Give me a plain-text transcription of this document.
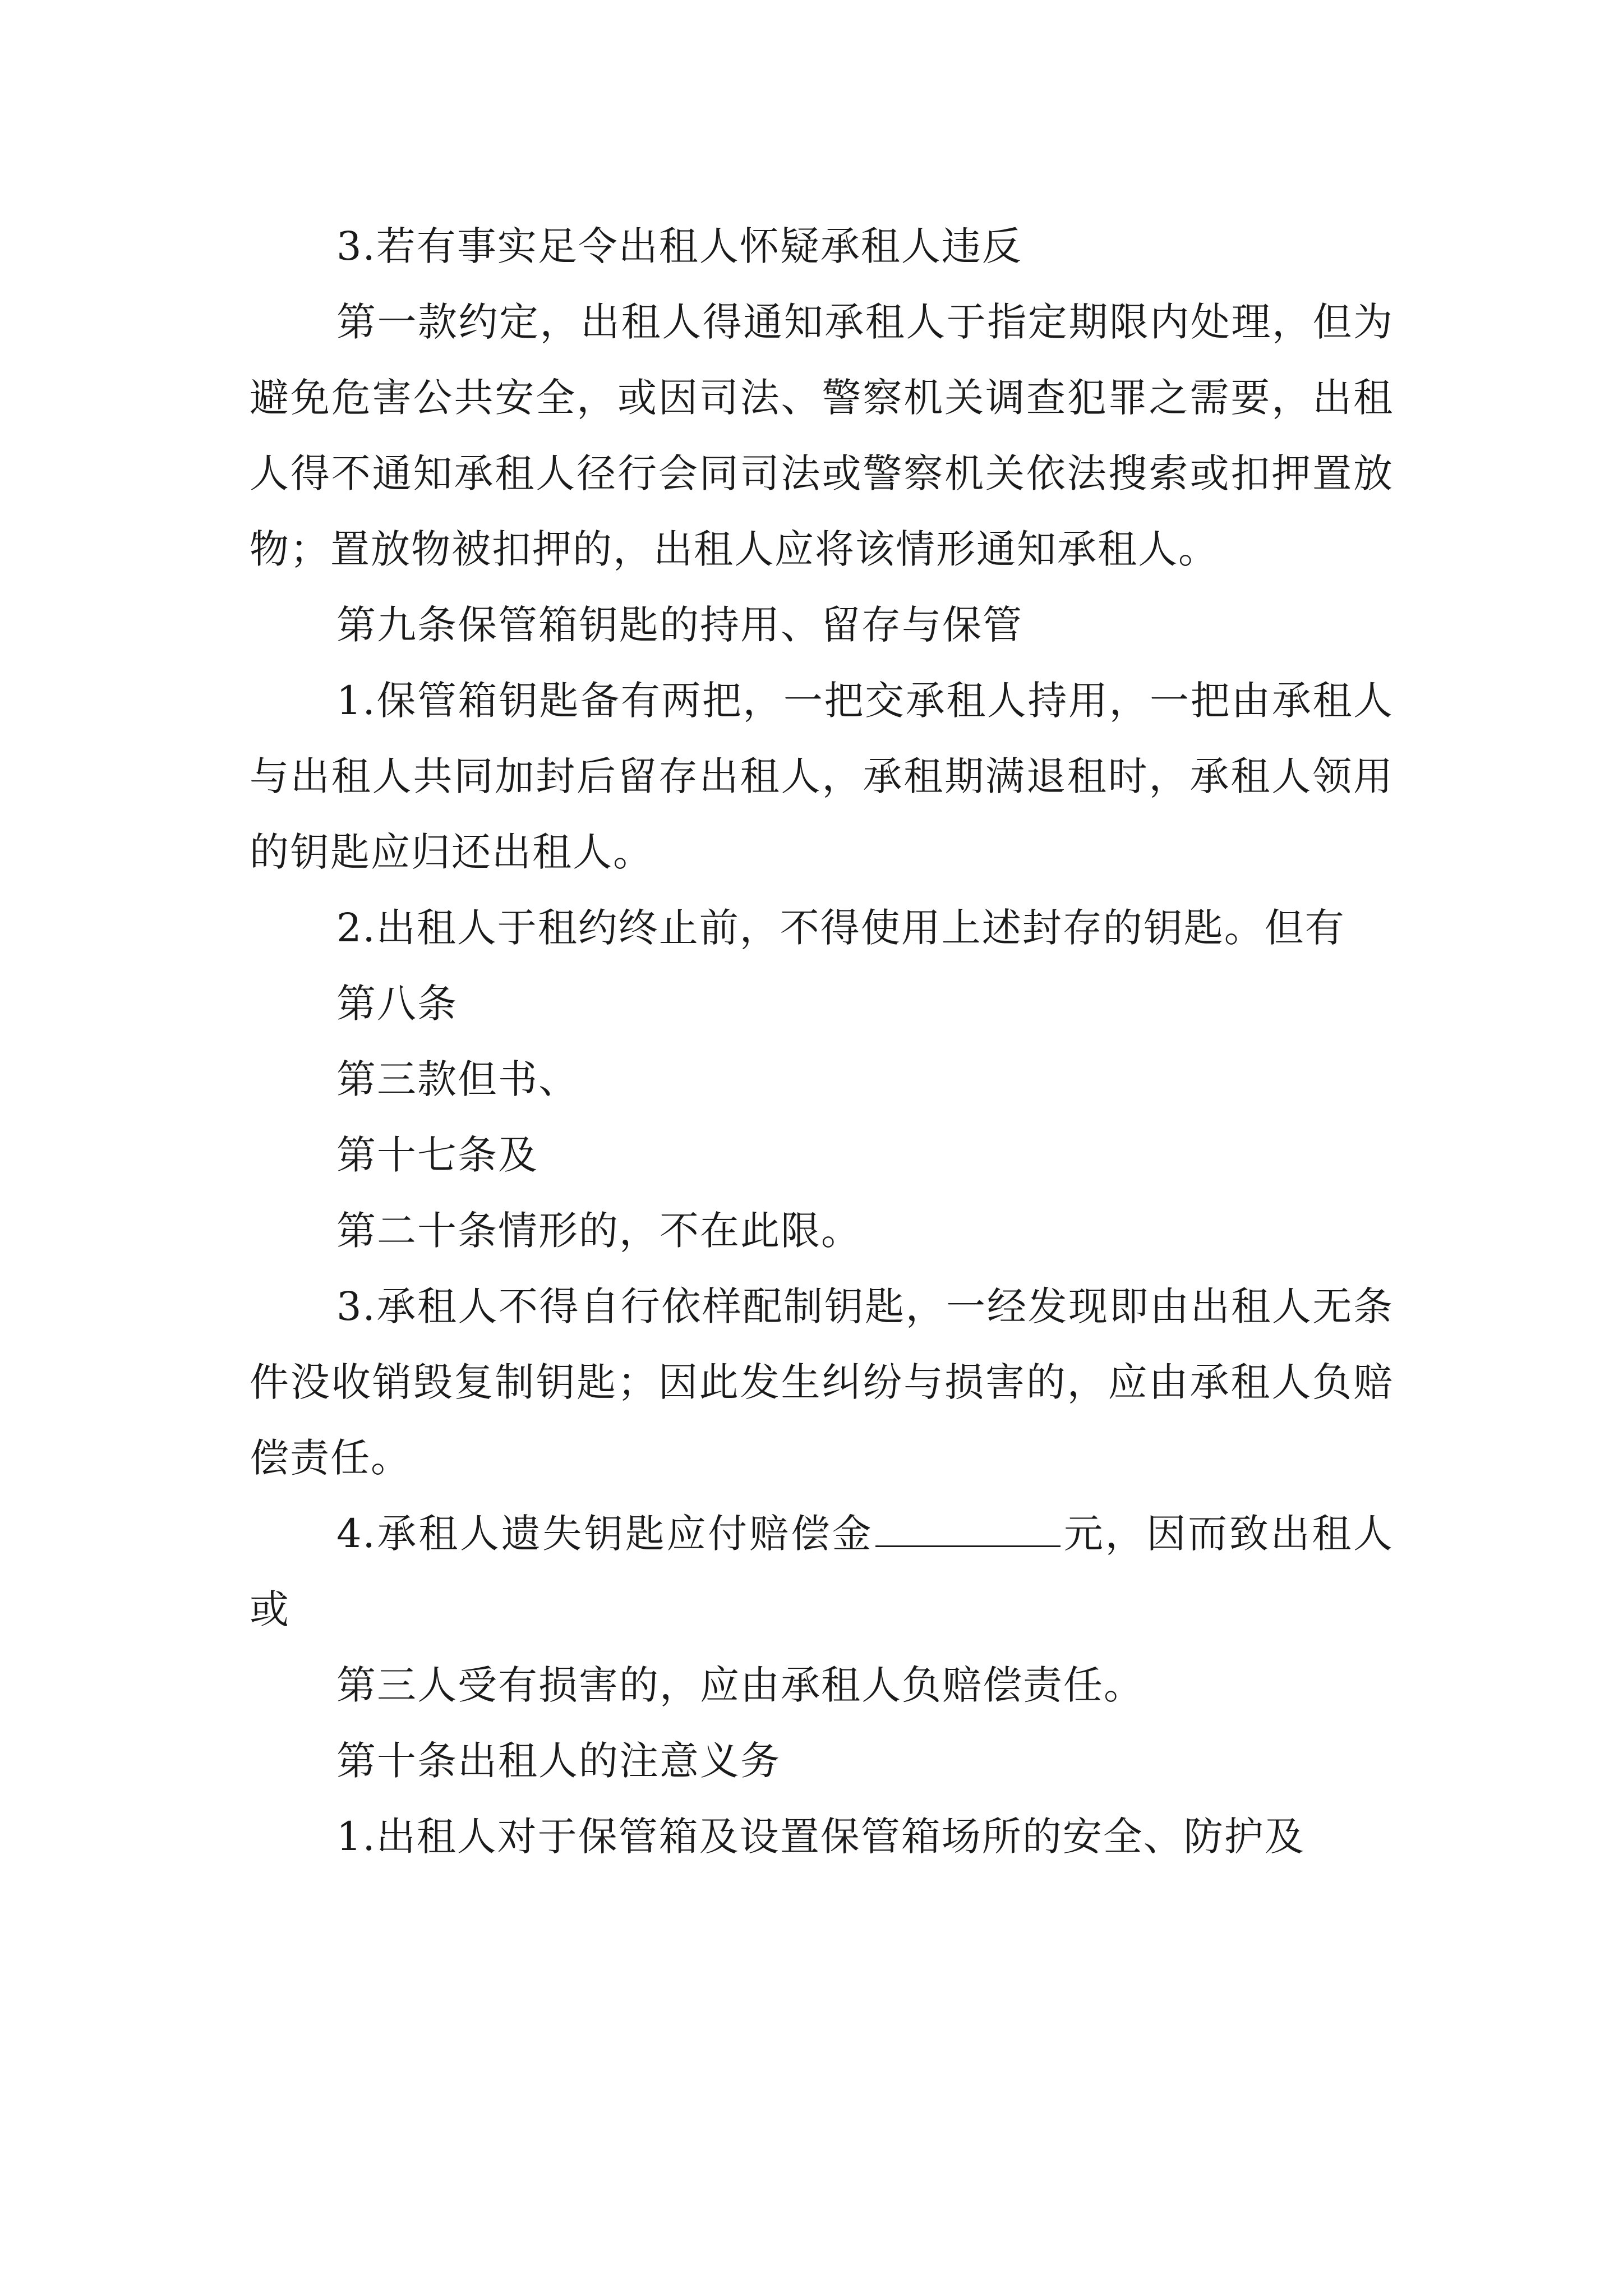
3.若有事实足令出租人怀疑承租人违反

第一款约定，出租人得通知承租人于指定期限内处理，但为避免危害公共安全，或因司法、警察机关调查犯罪之需要，出租人得不通知承租人径行会同司法或警察机关依法搜索或扣押置放物；置放物被扣押的，出租人应将该情形通知承租人。

第九条保管箱钥匙的持用、留存与保管

1.保管箱钥匙备有两把，一把交承租人持用，一把由承租人与出租人共同加封后留存出租人，承租期满退租时，承租人领用的钥匙应归还出租人。

2.出租人于租约终止前，不得使用上述封存的钥匙。但有

第八条

第三款但书、

第十七条及

第二十条情形的，不在此限。

3.承租人不得自行依样配制钥匙，一经发现即由出租人无条件没收销毁复制钥匙；因此发生纠纷与损害的，应由承租人负赔偿责任。

4.承租人遗失钥匙应付赔偿金	元，因而致出租人或

第三人受有损害的，应由承租人负赔偿责任。

第十条出租人的注意义务

1.出租人对于保管箱及设置保管箱场所的安全、防护及
